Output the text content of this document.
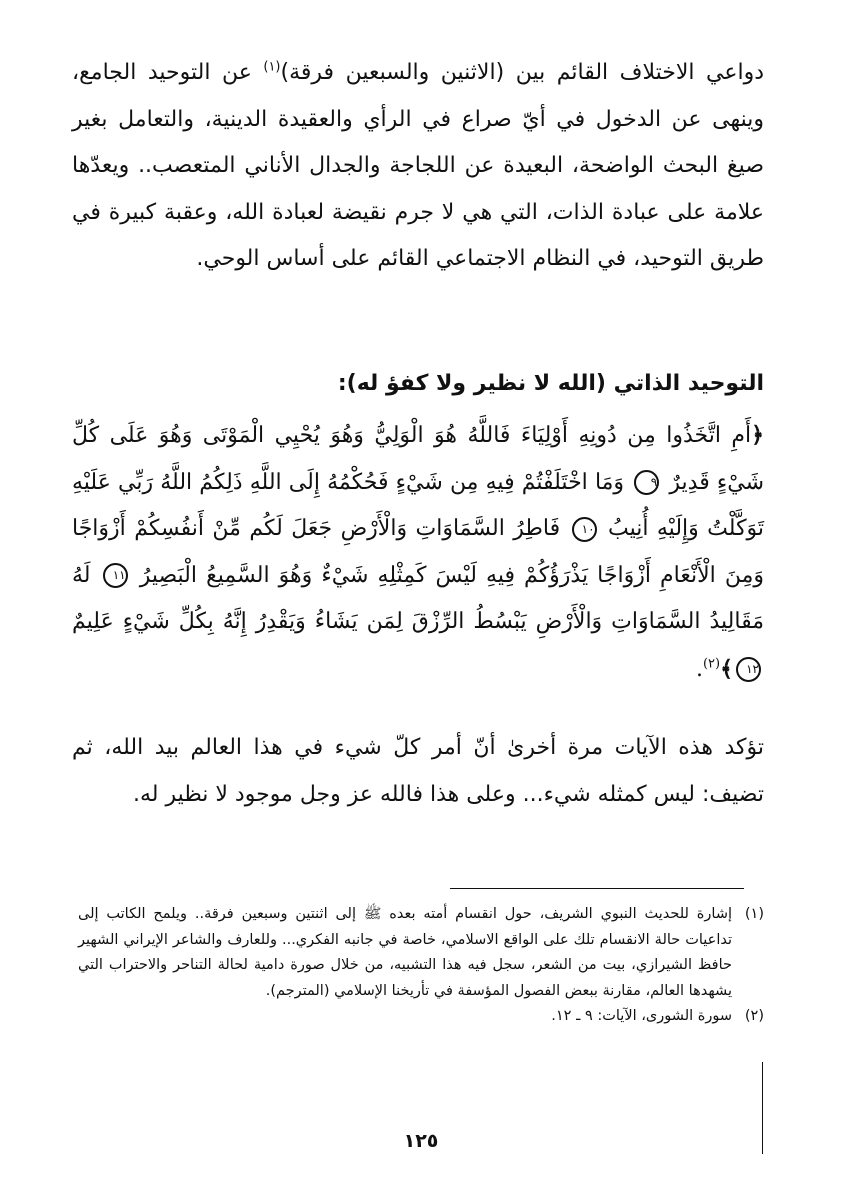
دواعي الاختلاف القائم بين (الاثنين والسبعين فرقة)$^{(١)}$ عن التوحيد الجامع، وينهى عن الدخول في أيّ صراع في الرأي والعقيدة الدينية، والتعامل بغير صيغ البحث الواضحة، البعيدة عن اللجاجة والجدال الأناني المتعصب.. ويعدّها علامة على عبادة الذات، التي هي لا جرم نقيضة لعبادة الله، وعقبة كبيرة في طريق التوحيد، في النظام الاجتماعي القائم على أساس الوحي.

التوحيد الذاتي (الله لا نظير ولا كفؤ له):

﴿أَمِ اتَّخَذُوا مِن دُونِهِ أَوْلِيَاءَ فَاللَّهُ هُوَ الْوَلِيُّ وَهُوَ يُحْيِي الْمَوْتَى وَهُوَ عَلَى كُلِّ شَيْءٍ قَدِيرٌ ٩ وَمَا اخْتَلَفْتُمْ فِيهِ مِن شَيْءٍ فَحُكْمُهُ إِلَى اللَّهِ ذَلِكُمُ اللَّهُ رَبِّي عَلَيْهِ تَوَكَّلْتُ وَإِلَيْهِ أُنِيبُ ١٠ فَاطِرُ السَّمَاوَاتِ وَالْأَرْضِ جَعَلَ لَكُم مِّنْ أَنفُسِكُمْ أَزْوَاجًا وَمِنَ الْأَنْعَامِ أَزْوَاجًا يَذْرَؤُكُمْ فِيهِ لَيْسَ كَمِثْلِهِ شَيْءٌ وَهُوَ السَّمِيعُ الْبَصِيرُ ١١ لَهُ مَقَالِيدُ السَّمَاوَاتِ وَالْأَرْضِ يَبْسُطُ الرِّزْقَ لِمَن يَشَاءُ وَيَقْدِرُ إِنَّهُ بِكُلِّ شَيْءٍ عَلِيمٌ ١٢﴾$^{(٢)}$.

تؤكد هذه الآيات مرة أخرىٰ أنّ أمر كلّ شيء في هذا العالم بيد الله، ثم تضيف: ليس كمثله شيء... وعلى هذا فالله عز وجل موجود لا نظير له.

(١)
إشارة للحديث النبوي الشريف، حول انقسام أمته بعده ﷺ إلى اثنتين وسبعين فرقة.. ويلمح الكاتب إلى تداعيات حالة الانقسام تلك على الواقع الاسلامي، خاصة في جانبه الفكري... وللعارف والشاعر الإيراني الشهير حافظ الشيرازي، بيت من الشعر، سجل فيه هذا التشبيه، من خلال صورة دامية لحالة التناحر والاحتراب التي يشهدها العالم، مقارنة ببعض الفصول المؤسفة في تأريخنا الإسلامي (المترجم).
(٢)
سورة الشورى، الآيات: ٩ ـ ١٢.

١٢٥
